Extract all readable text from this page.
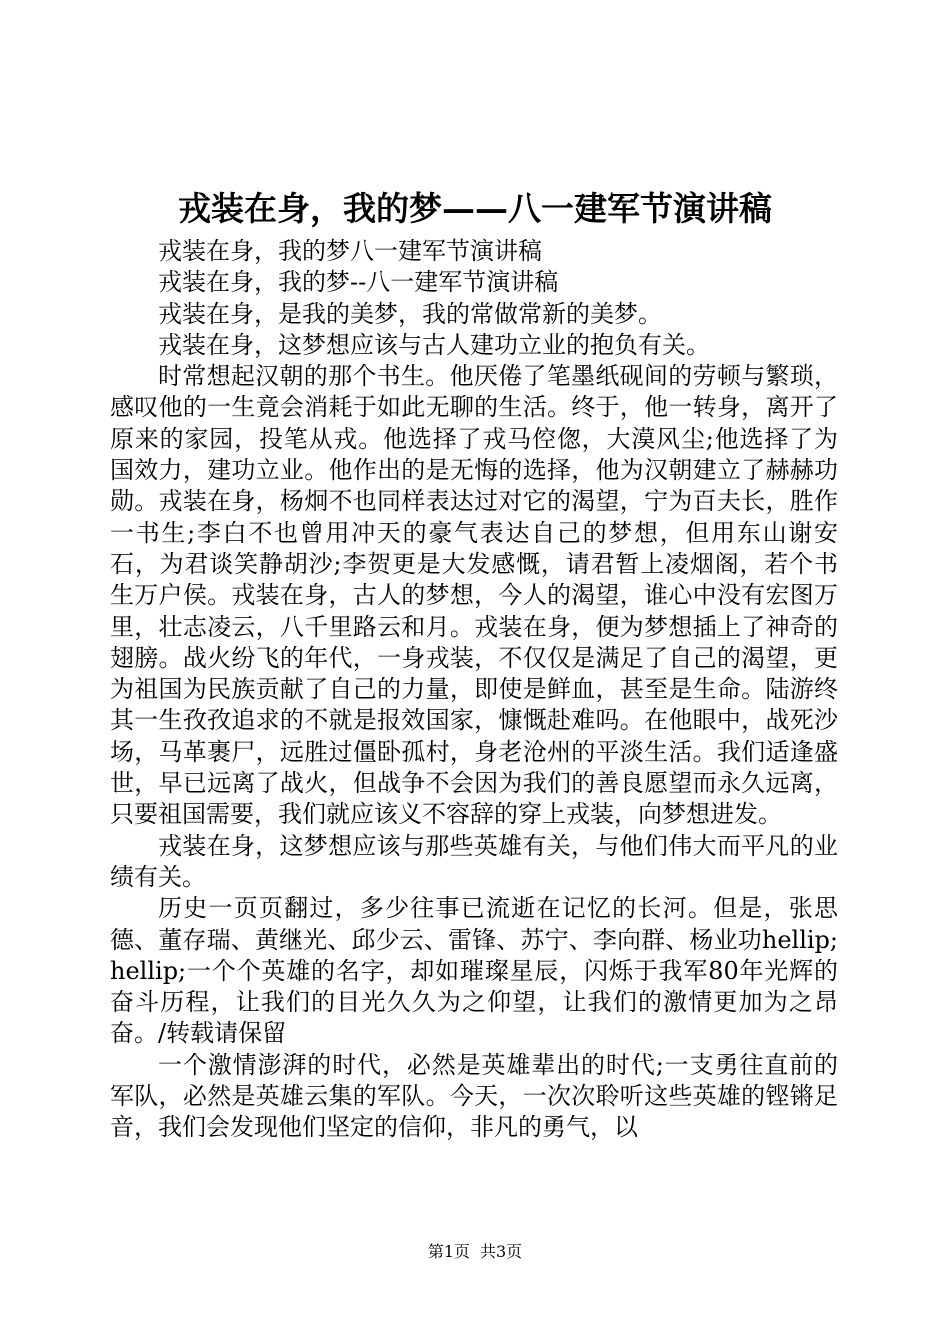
戎装在身，我的梦——八一建军节演讲稿

戎装在身，我的梦八一建军节演讲稿

戎装在身，我的梦--八一建军节演讲稿

戎装在身，是我的美梦，我的常做常新的美梦。

戎装在身，这梦想应该与古人建功立业的抱负有关。

时常想起汉朝的那个书生。他厌倦了笔墨纸砚间的劳顿与繁琐，感叹他的一生竟会消耗于如此无聊的生活。终于，他一转身，离开了原来的家园，投笔从戎。他选择了戎马倥偬，大漠风尘;他选择了为国效力，建功立业。他作出的是无悔的选择，他为汉朝建立了赫赫功勋。戎装在身，杨炯不也同样表达过对它的渴望，宁为百夫长，胜作一书生;李白不也曾用冲天的豪气表达自己的梦想，但用东山谢安石，为君谈笑静胡沙;李贺更是大发感慨，请君暂上凌烟阁，若个书生万户侯。戎装在身，古人的梦想，今人的渴望，谁心中没有宏图万里，壮志凌云，八千里路云和月。戎装在身，便为梦想插上了神奇的翅膀。战火纷飞的年代，一身戎装，不仅仅是满足了自己的渴望，更为祖国为民族贡献了自己的力量，即使是鲜血，甚至是生命。陆游终其一生孜孜追求的不就是报效国家，慷慨赴难吗。在他眼中，战死沙场，马革裹尸，远胜过僵卧孤村，身老沧州的平淡生活。我们适逢盛世，早已远离了战火，但战争不会因为我们的善良愿望而永久远离，只要祖国需要，我们就应该义不容辞的穿上戎装，向梦想进发。

戎装在身，这梦想应该与那些英雄有关，与他们伟大而平凡的业绩有关。

历史一页页翻过，多少往事已流逝在记忆的长河。但是，张思德、董存瑞、黄继光、邱少云、雷锋、苏宁、李向群、杨业功hellip;hellip;一个个英雄的名字，却如璀璨星辰，闪烁于我军80年光辉的奋斗历程，让我们的目光久久为之仰望，让我们的激情更加为之昂奋。/转载请保留

一个激情澎湃的时代，必然是英雄辈出的时代;一支勇往直前的军队，必然是英雄云集的军队。今天，一次次聆听这些英雄的铿锵足音，我们会发现他们坚定的信仰，非凡的勇气，以

第1页 共3页
